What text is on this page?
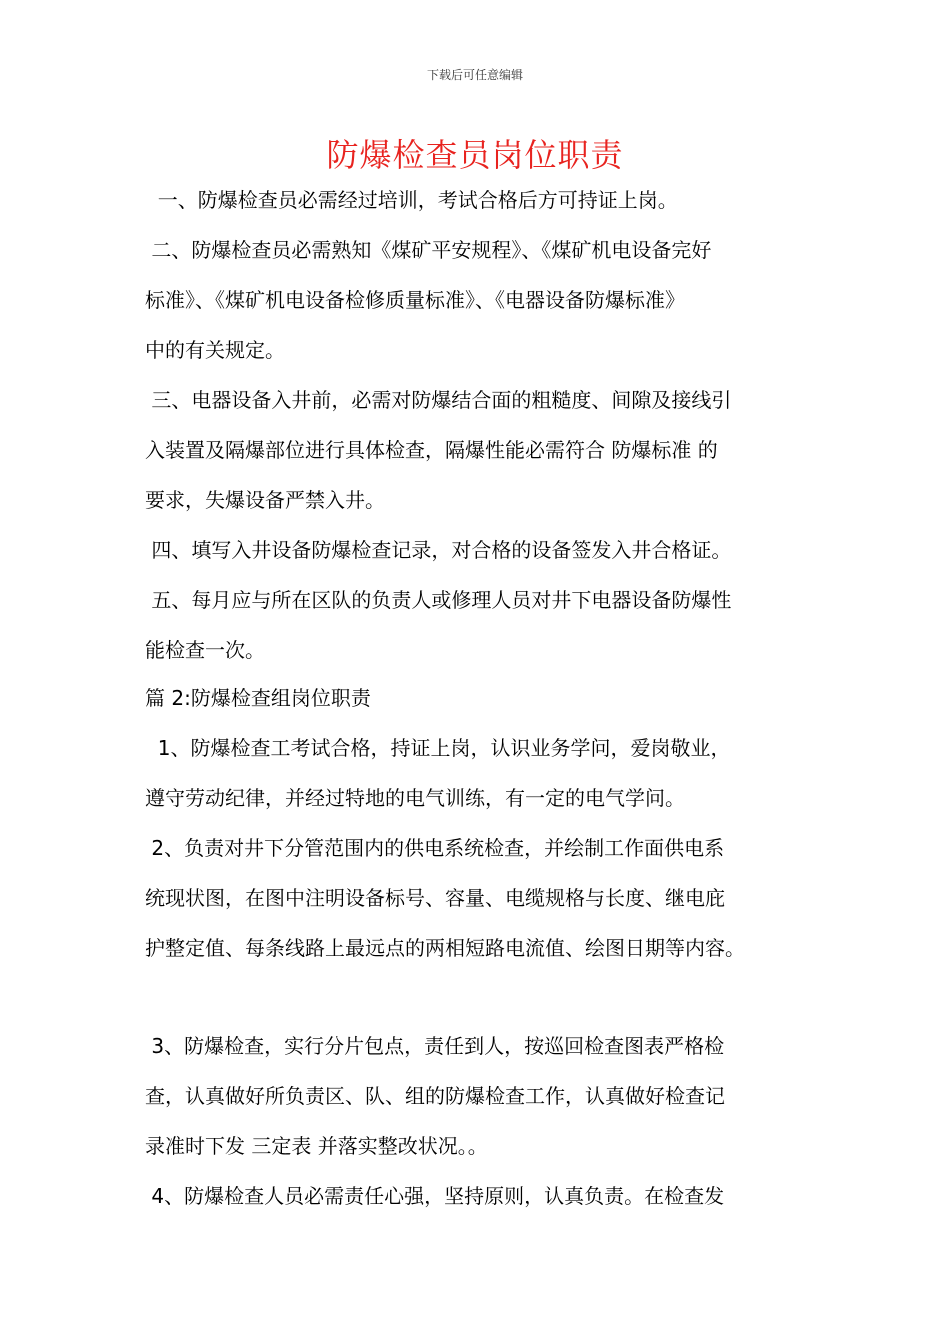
下载后可任意编辑
防爆检查员岗位职责
一、防爆检查员必需经过培训，考试合格后方可持证上岗。
二、防爆检查员必需熟知《煤矿平安规程》、《煤矿机电设备完好
标准》、《煤矿机电设备检修质量标准》、《电器设备防爆标准》
中的有关规定。
三、电器设备入井前，必需对防爆结合面的粗糙度、间隙及接线引
入装置及隔爆部位进行具体检查，隔爆性能必需符合 防爆标准 的
要求，失爆设备严禁入井。
四、填写入井设备防爆检查记录，对合格的设备签发入井合格证。
五、每月应与所在区队的负责人或修理人员对井下电器设备防爆性
能检查一次。
篇 2:防爆检查组岗位职责
1、防爆检查工考试合格，持证上岗，认识业务学问，爱岗敬业，
遵守劳动纪律，并经过特地的电气训练，有一定的电气学问。
2、负责对井下分管范围内的供电系统检查，并绘制工作面供电系
统现状图，在图中注明设备标号、容量、电缆规格与长度、继电庇
护整定值、每条线路上最远点的两相短路电流值、绘图日期等内容。
3、防爆检查，实行分片包点，责任到人，按巡回检查图表严格检
查，认真做好所负责区、队、组的防爆检查工作，认真做好检查记
录准时下发 三定表 并落实整改状况。。
4、防爆检查人员必需责任心强，坚持原则，认真负责。在检查发
